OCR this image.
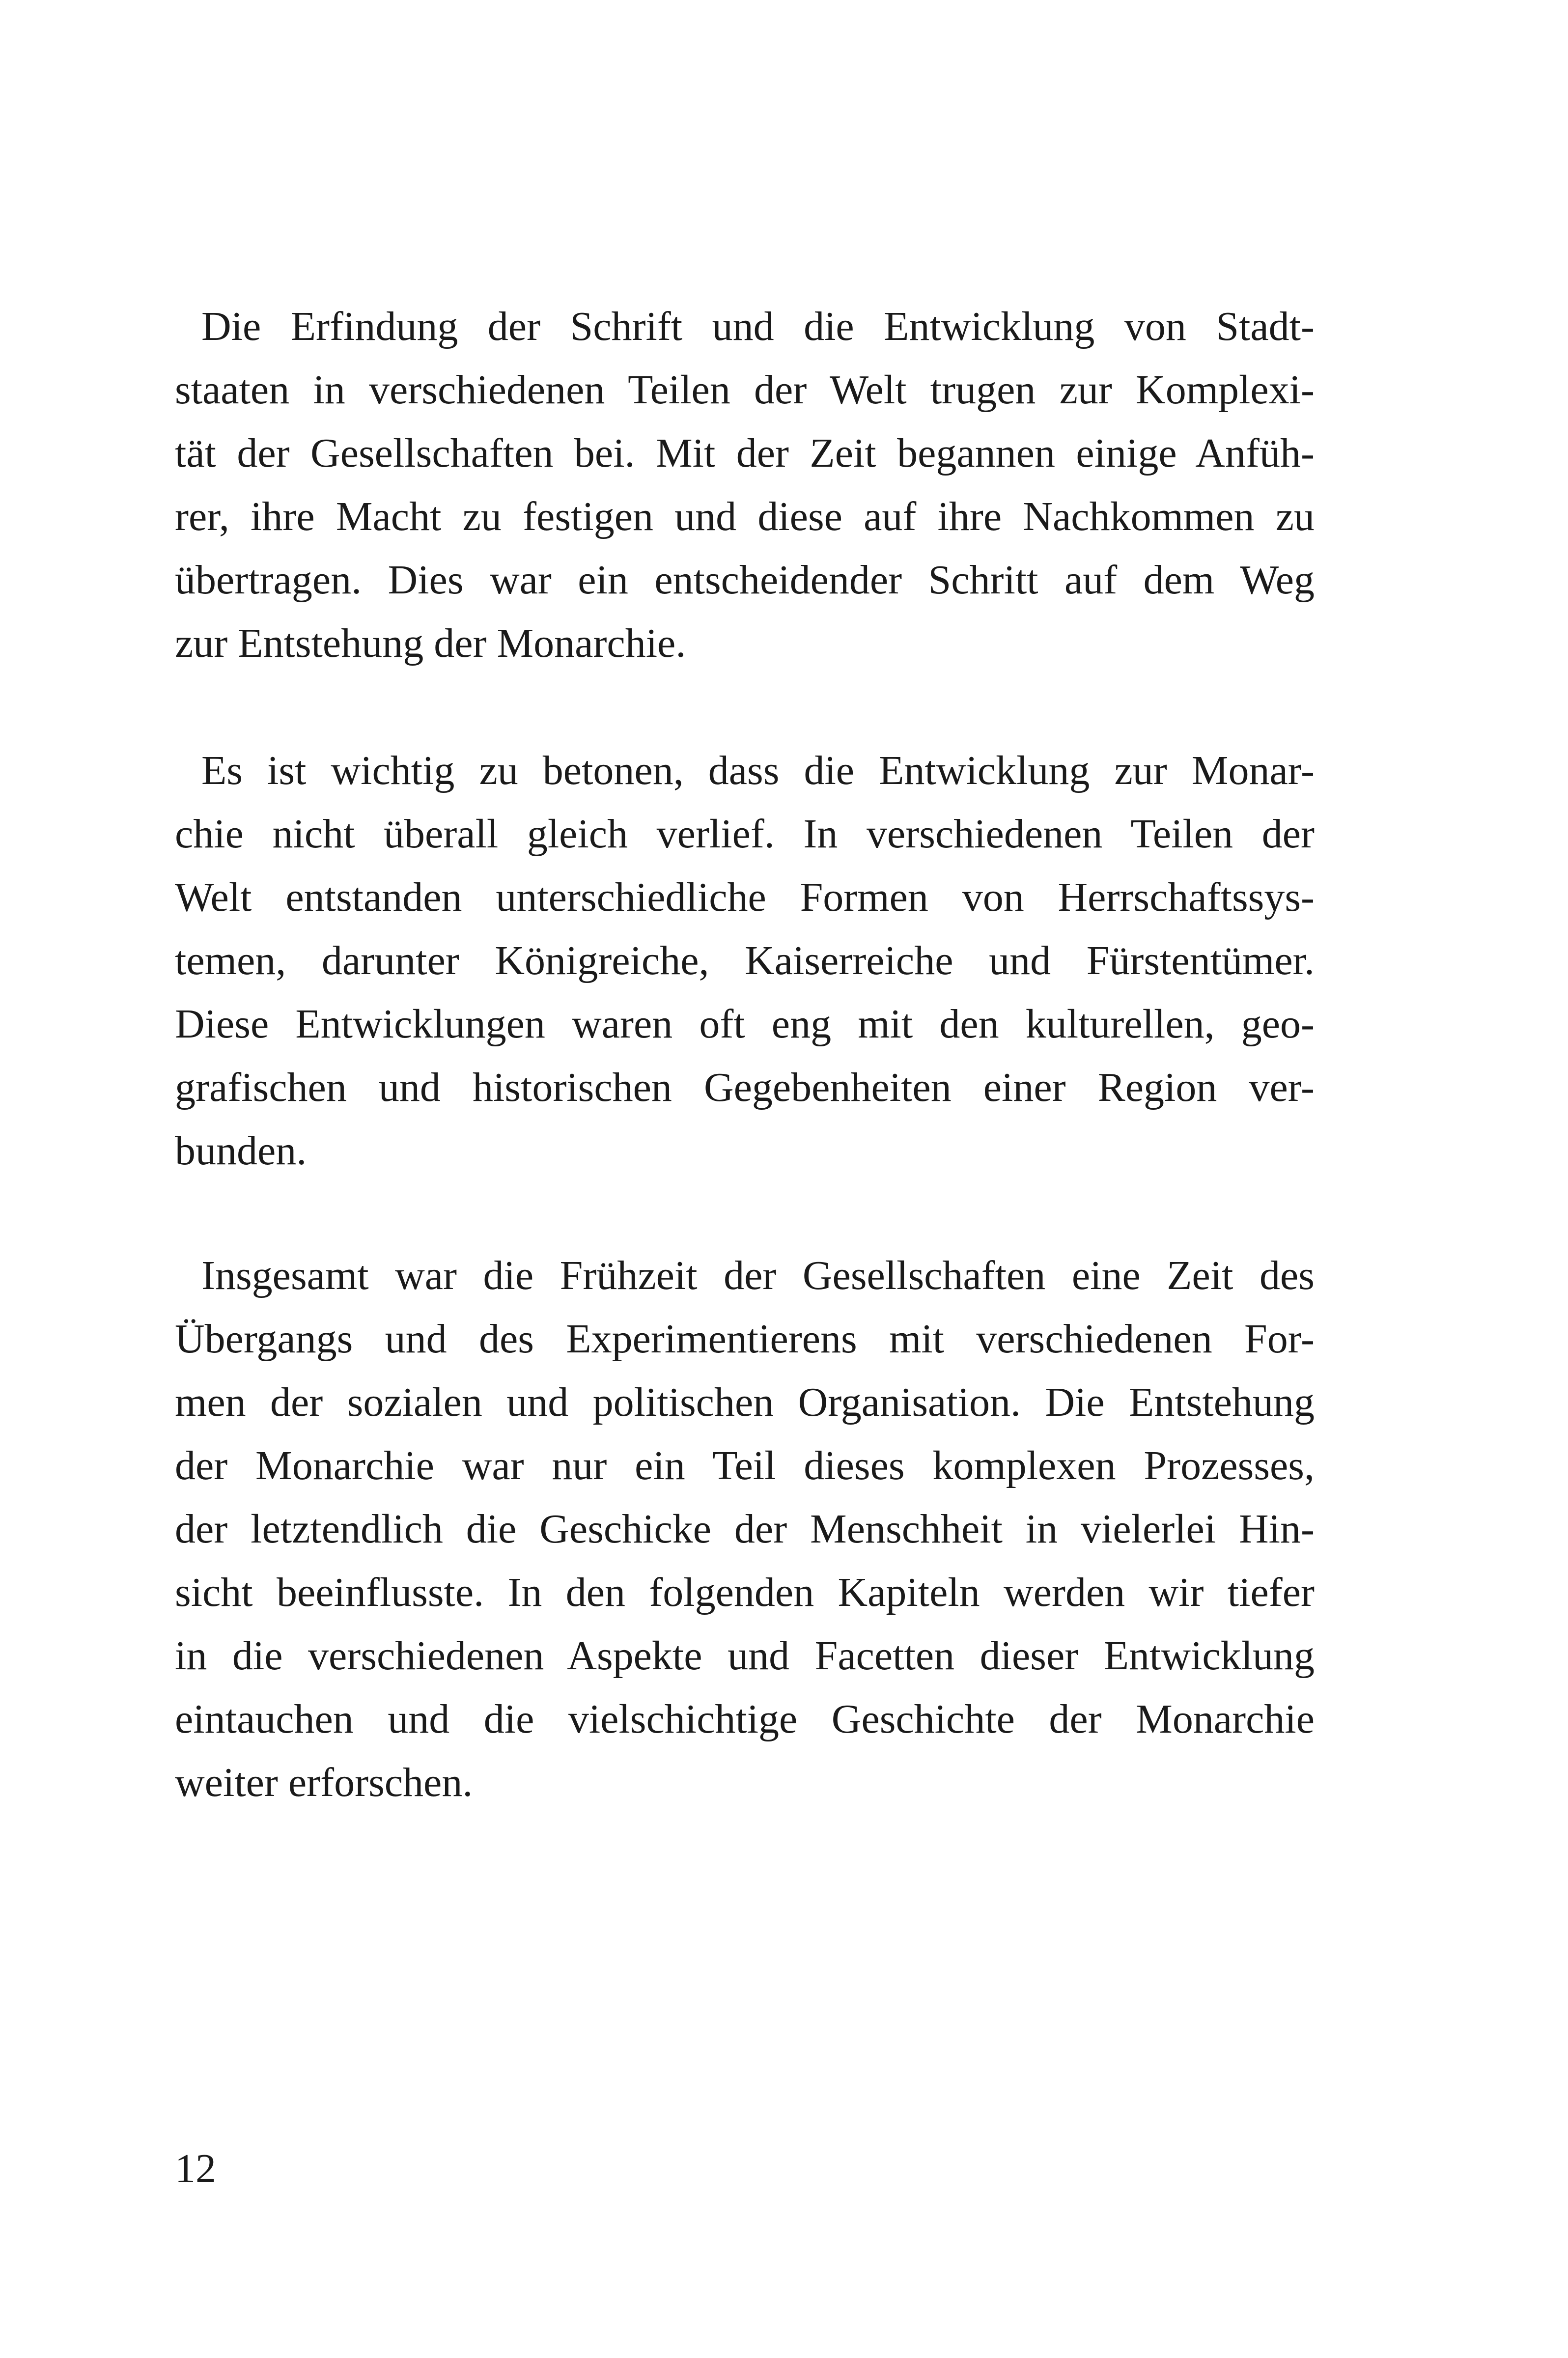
Die Erfindung der Schrift und die Entwicklung von Stadt-
staaten in verschiedenen Teilen der Welt trugen zur Komplexi-
tät der Gesellschaften bei. Mit der Zeit begannen einige Anfüh-
rer, ihre Macht zu festigen und diese auf ihre Nachkommen zu
übertragen. Dies war ein entscheidender Schritt auf dem Weg
zur Entstehung der Monarchie.
Es ist wichtig zu betonen, dass die Entwicklung zur Monar-
chie nicht überall gleich verlief. In verschiedenen Teilen der
Welt entstanden unterschiedliche Formen von Herrschaftssys-
temen, darunter Königreiche, Kaiserreiche und Fürstentümer.
Diese Entwicklungen waren oft eng mit den kulturellen, geo-
grafischen und historischen Gegebenheiten einer Region ver-
bunden.
Insgesamt war die Frühzeit der Gesellschaften eine Zeit des
Übergangs und des Experimentierens mit verschiedenen For-
men der sozialen und politischen Organisation. Die Entstehung
der Monarchie war nur ein Teil dieses komplexen Prozesses,
der letztendlich die Geschicke der Menschheit in vielerlei Hin-
sicht beeinflusste. In den folgenden Kapiteln werden wir tiefer
in die verschiedenen Aspekte und Facetten dieser Entwicklung
eintauchen und die vielschichtige Geschichte der Monarchie
weiter erforschen.
12
